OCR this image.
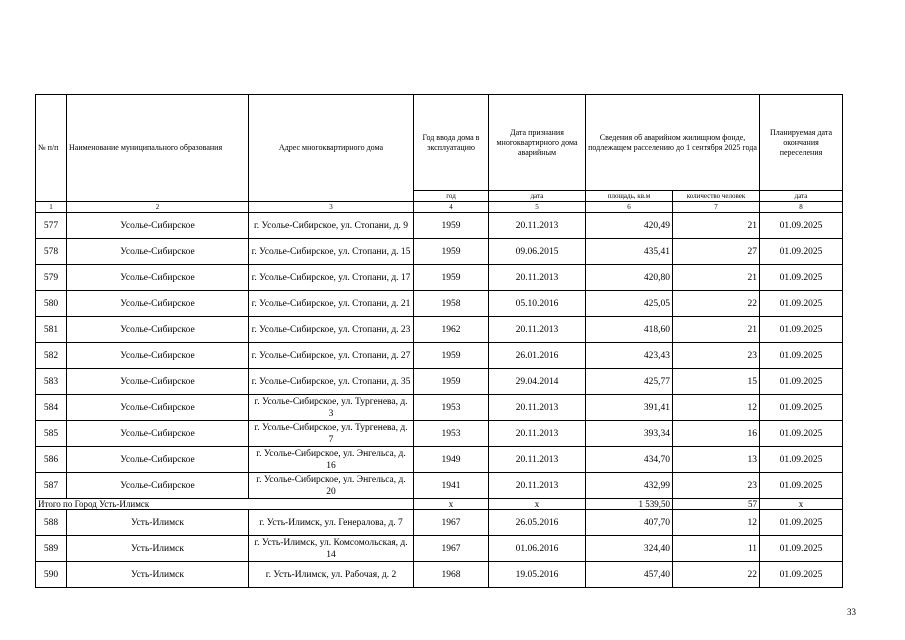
№ п/п	Наименование муниципального образования	Адрес многоквартирного дома	Год ввода дома в эксплуатацию	Дата признания многоквартирного дома аварийным	Сведения об аварийном жилищном фонде, подлежащем расселению до 1 сентября 2025 года		Планируемая дата окончания переселения
			год	дата	площадь, кв.м	количество человек	дата
1	2	3	4	5	6	7	8
577	Усолье-Сибирское	г. Усолье-Сибирское, ул. Стопани, д. 9	1959	20.11.2013	420,49	21	01.09.2025
578	Усолье-Сибирское	г. Усолье-Сибирское, ул. Стопани, д. 15	1959	09.06.2015	435,41	27	01.09.2025
579	Усолье-Сибирское	г. Усолье-Сибирское, ул. Стопани, д. 17	1959	20.11.2013	420,80	21	01.09.2025
580	Усолье-Сибирское	г. Усолье-Сибирское, ул. Стопани, д. 21	1958	05.10.2016	425,05	22	01.09.2025
581	Усолье-Сибирское	г. Усолье-Сибирское, ул. Стопани, д. 23	1962	20.11.2013	418,60	21	01.09.2025
582	Усолье-Сибирское	г. Усолье-Сибирское, ул. Стопани, д. 27	1959	26.01.2016	423,43	23	01.09.2025
583	Усолье-Сибирское	г. Усолье-Сибирское, ул. Стопани, д. 35	1959	29.04.2014	425,77	15	01.09.2025
584	Усолье-Сибирское	г. Усолье-Сибирское, ул. Тургенева, д. 3	1953	20.11.2013	391,41	12	01.09.2025
585	Усолье-Сибирское	г. Усолье-Сибирское, ул. Тургенева, д. 7	1953	20.11.2013	393,34	16	01.09.2025
586	Усолье-Сибирское	г. Усолье-Сибирское, ул. Энгельса, д. 16	1949	20.11.2013	434,70	13	01.09.2025
587	Усолье-Сибирское	г. Усолье-Сибирское, ул. Энгельса, д. 20	1941	20.11.2013	432,99	23	01.09.2025
Итого по Город Усть-Илимск			x	x	1 539,50	57	x
588	Усть-Илимск	г. Усть-Илимск, ул. Генералова, д. 7	1967	26.05.2016	407,70	12	01.09.2025
589	Усть-Илимск	г. Усть-Илимск, ул. Комсомольская, д. 14	1967	01.06.2016	324,40	11	01.09.2025
590	Усть-Илимск	г. Усть-Илимск, ул. Рабочая, д. 2	1968	19.05.2016	457,40	22	01.09.2025
33
